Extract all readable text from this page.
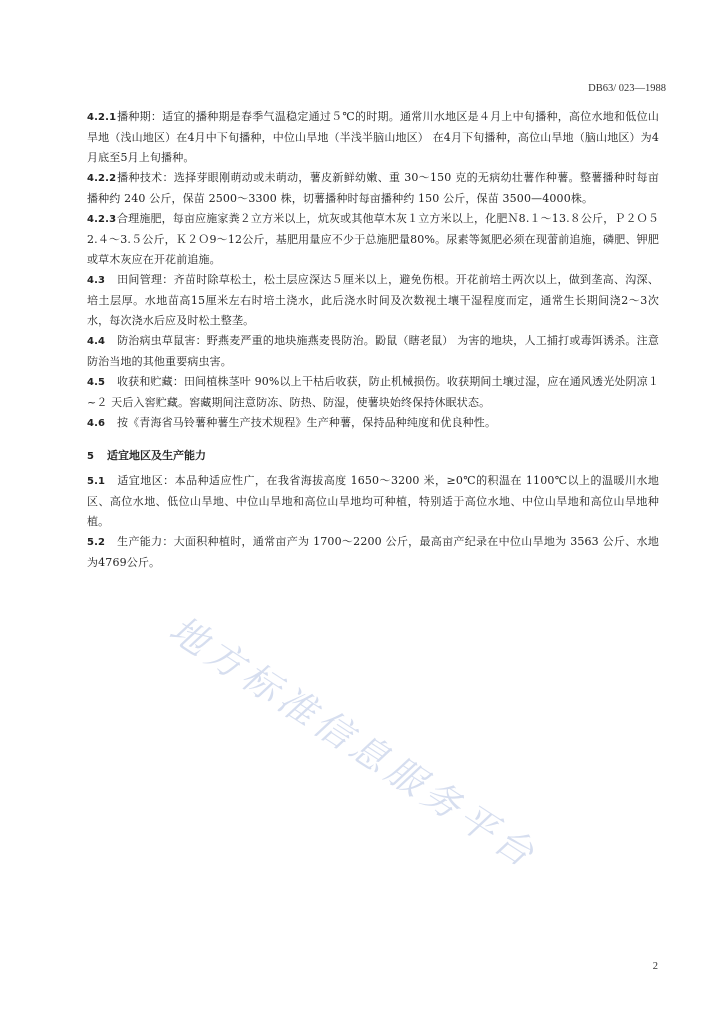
DB63/ 023—1988

4.2.1播种期：适宜的播种期是春季气温稳定通过５℃的时期。通常川水地区是４月上中旬播种，高位水地和低位山旱地（浅山地区）在4月中下旬播种，中位山旱地（半浅半脑山地区） 在4月下旬播种，高位山旱地（脑山地区）为4月底至5月上旬播种。

4.2.2播种技术：选择芽眼刚萌动或未萌动，薯皮新鲜幼嫩、重 30～150 克的无病幼壮薯作种薯。整薯播种时每亩播种约 240 公斤，保苗 2500～3300 株，切薯播种时每亩播种约 150 公斤，保苗 3500—4000株。

4.2.3合理施肥，每亩应施家粪２立方米以上，炕灰或其他草木灰１立方米以上，化肥Ｎ8.１～13.８公斤，Ｐ２Ｏ５2.４～3.５公斤，Ｋ２Ｏ9～12公斤，基肥用量应不少于总施肥量80%。尿素等氮肥必须在现蕾前追施，磷肥、钾肥或草木灰应在开花前追施。

4.3 田间管理：齐苗时除草松土，松土层应深达５厘米以上，避免伤根。开花前培土两次以上，做到垄高、沟深、培土层厚。水地苗高15厘米左右时培土浇水，此后浇水时间及次数视土壤干湿程度而定，通常生长期间浇2～3次水，每次浇水后应及时松土整垄。

4.4 防治病虫草鼠害：野燕麦严重的地块施燕麦畏防治。鼢鼠（瞎老鼠） 为害的地块，人工捕打或毒饵诱杀。注意防治当地的其他重要病虫害。

4.5 收获和贮藏：田间植株茎叶 90%以上干枯后收获，防止机械损伤。收获期间土壤过湿，应在通风透光处阴凉１~２ 天后入窖贮藏。窖藏期间注意防冻、防热、防湿，使薯块始终保持休眠状态。

4.6 按《青海省马铃薯种薯生产技术规程》生产种薯，保持品种纯度和优良种性。

5 适宜地区及生产能力

5.1 适宜地区：本品种适应性广，在我省海拔高度 1650～3200 米，≥0℃的积温在 1100℃以上的温暖川水地区、高位水地、低位山旱地、中位山旱地和高位山旱地均可种植，特别适于高位水地、中位山旱地和高位山旱地种植。

5.2 生产能力：大面积种植时，通常亩产为 1700～2200 公斤，最高亩产纪录在中位山旱地为 3563 公斤、水地为4769公斤。

地方标准信息服务平台
2
